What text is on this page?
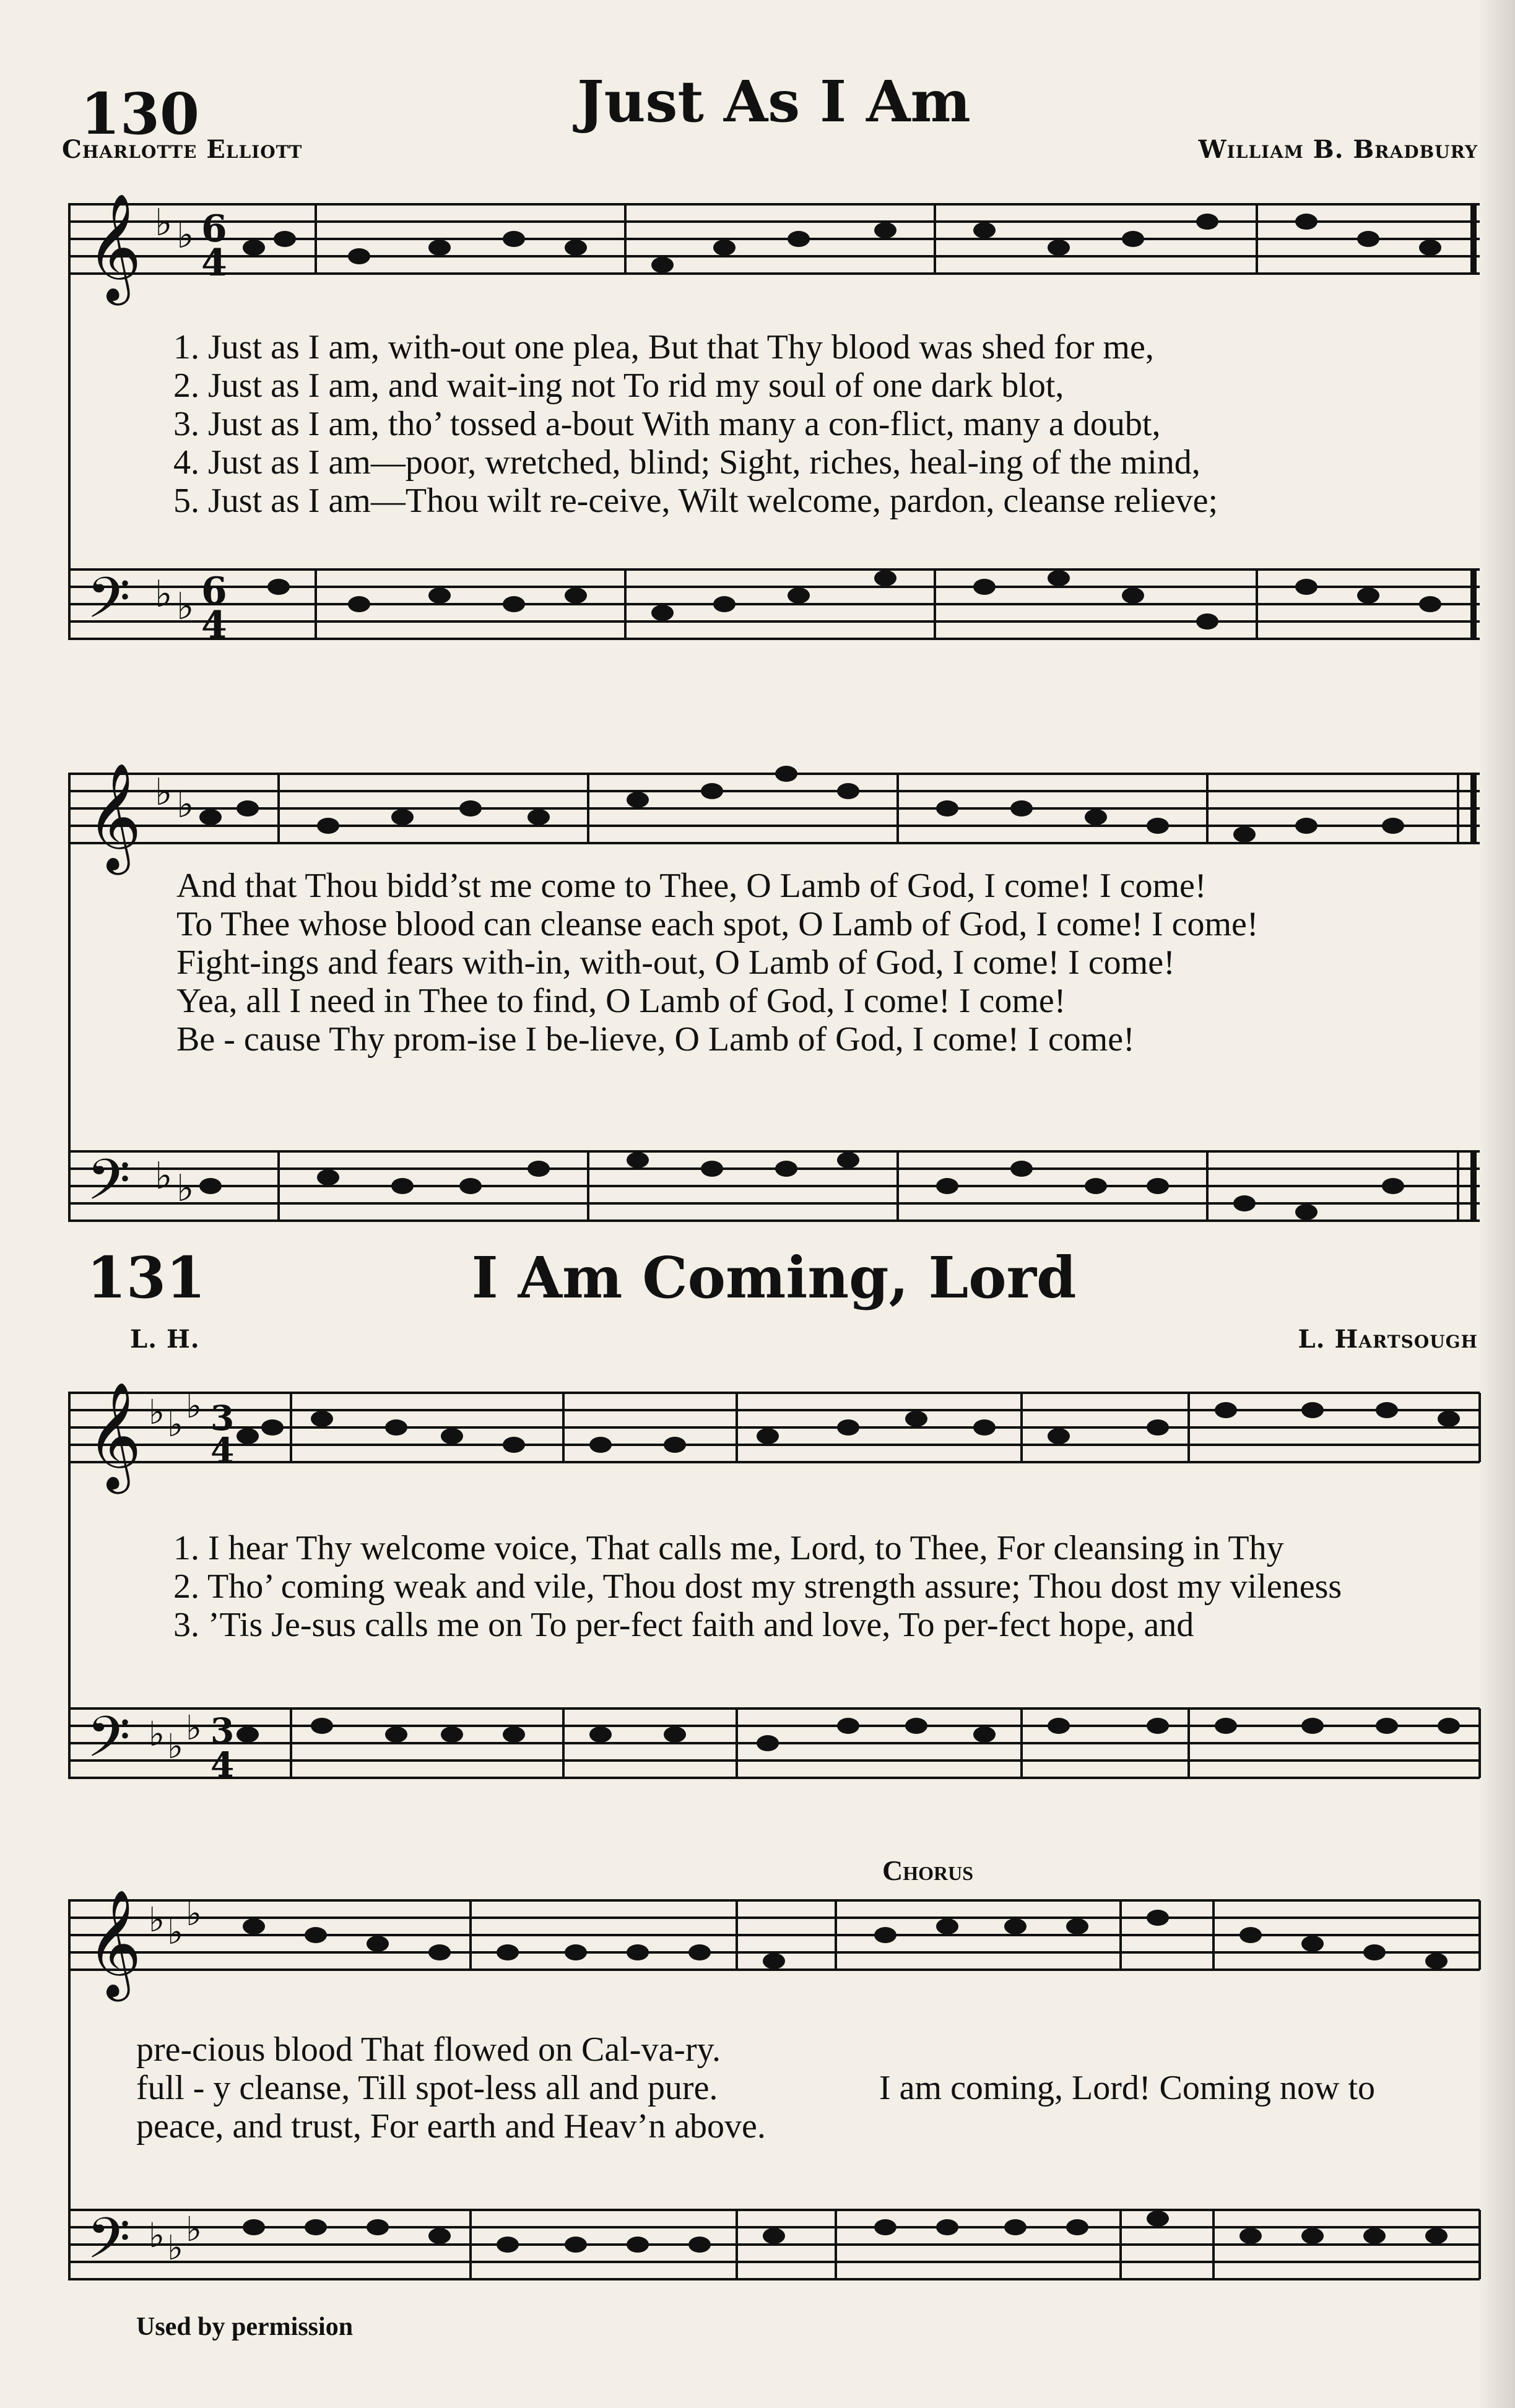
130	Just As I Am
Charlotte Elliott	William B. Bradbury
𝄞 ♭ ♭ 6
4
𝄢 ♭ ♭ 6
4
1. Just as I am, with-out one plea, But that Thy blood was shed for me,
2. Just as I am, and wait-ing not To rid my soul of one dark blot,
3. Just as I am, tho’ tossed a-bout With many a con-flict, many a doubt,
4. Just as I am—poor, wretched, blind; Sight, riches, heal-ing of the mind,
5. Just as I am—Thou wilt re-ceive, Wilt welcome, pardon, cleanse relieve;
𝄞 ♭ ♭
𝄢 ♭ ♭
And that Thou bidd’st me come to Thee, O Lamb of God, I come! I come!
To Thee whose blood can cleanse each spot, O Lamb of God, I come! I come!
Fight-ings and fears with-in, with-out, O Lamb of God, I come! I come!
Yea, all I need in Thee to find, O Lamb of God, I come! I come!
Be - cause Thy prom-ise I be-lieve, O Lamb of God, I come! I come!
131	I Am Coming, Lord
L. H.	L. Hartsough
𝄞 ♭ ♭ ♭ 3
4
𝄢 ♭ ♭ ♭ 3
4
1. I hear Thy welcome voice, That calls me, Lord, to Thee, For cleansing in Thy
2. Tho’ coming weak and vile, Thou dost my strength assure; Thou dost my vileness
3. ’Tis Je-sus calls me on To per-fect faith and love, To per-fect hope, and
Chorus
𝄞 ♭ ♭ ♭
𝄢 ♭ ♭ ♭
pre-cious blood That flowed on Cal-va-ry.
full - y cleanse, Till spot-less all and pure.
peace, and trust, For earth and Heav’n above.
I am coming, Lord! Coming now to
Used by permission
